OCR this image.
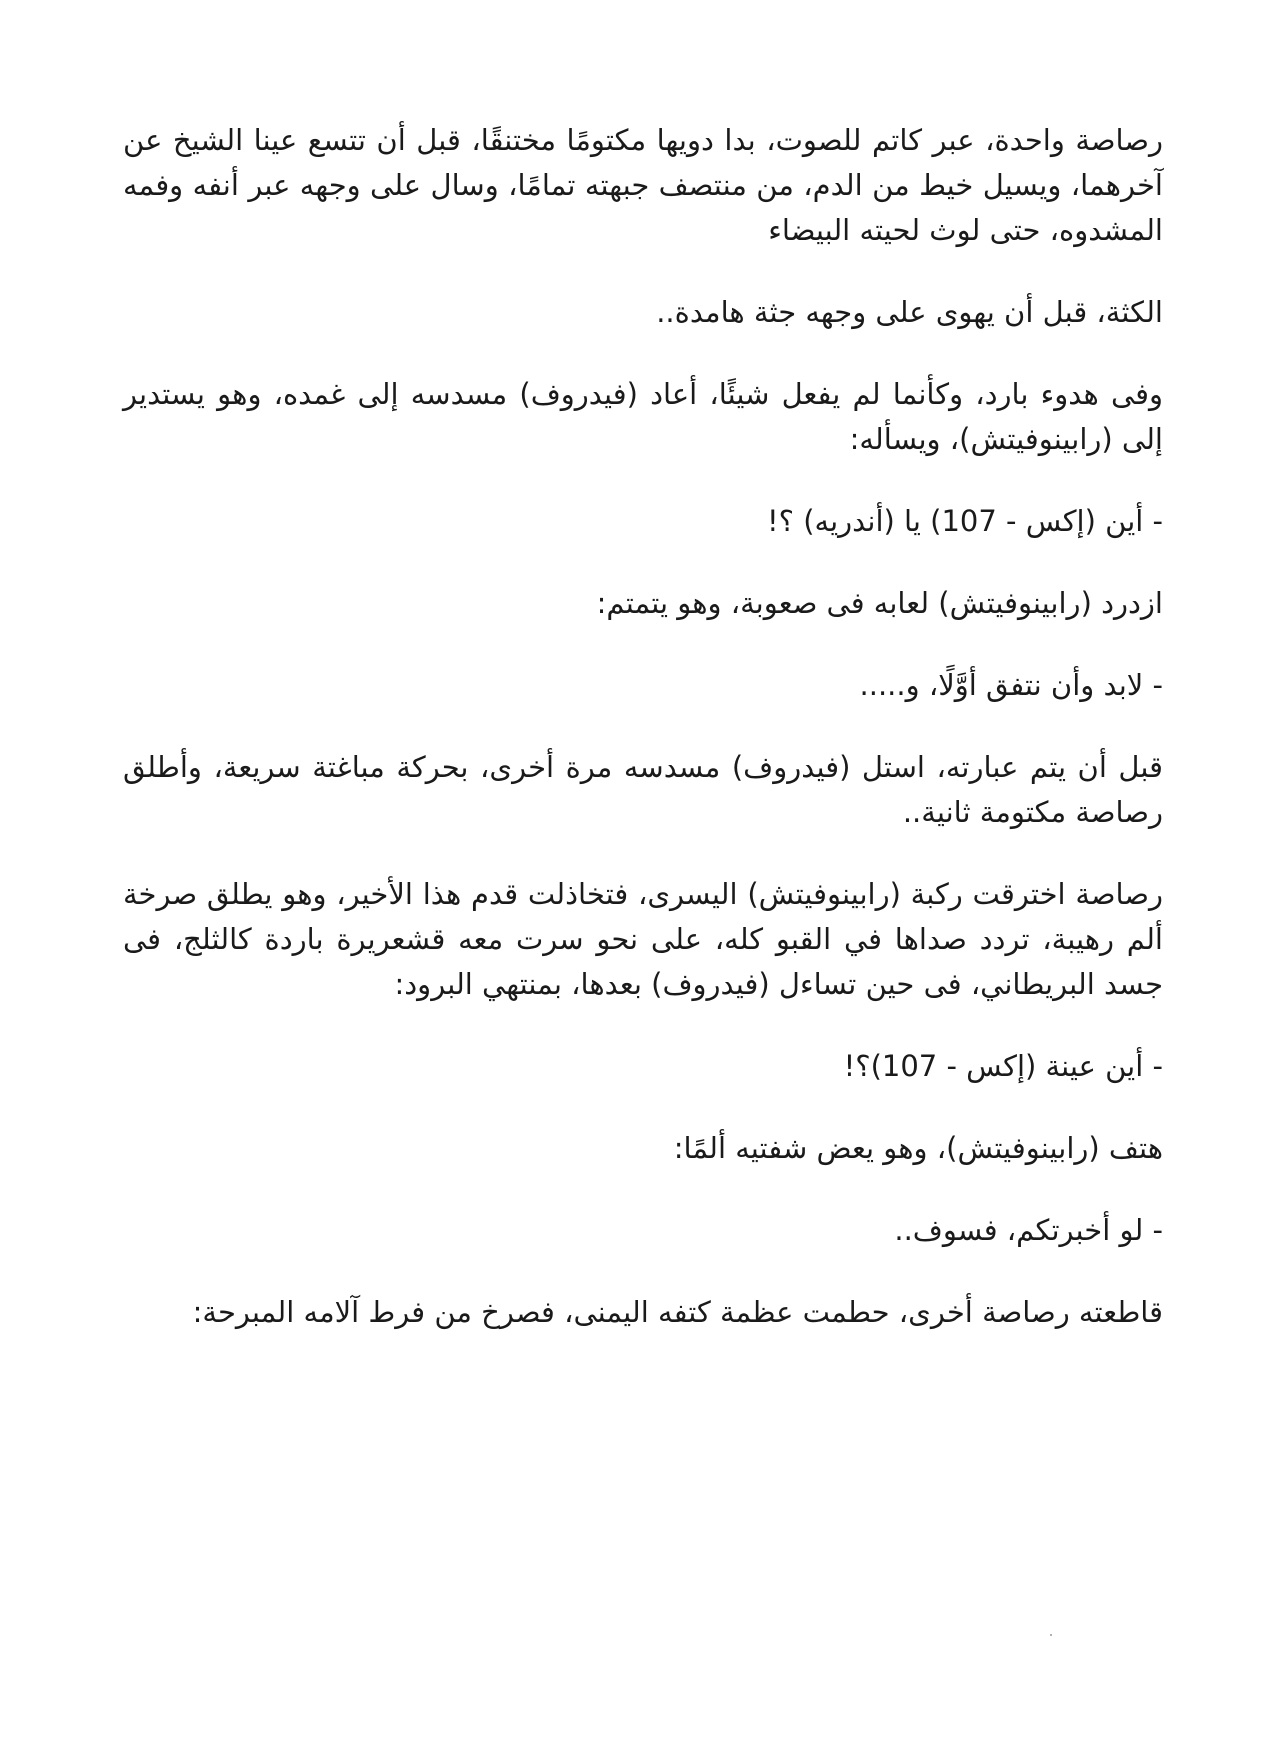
رصاصة واحدة، عبر كاتم للصوت، بدا دويها مكتومًا مختنقًا، قبل أن تتسع عينا الشيخ عن آخرهما، ويسيل خيط من الدم، من منتصف جبهته تمامًا، وسال على وجهه عبر أنفه وفمه المشدوه، حتى لوث لحيته البيضاء

الكثة، قبل أن يهوى على وجهه جثة هامدة..

وفى هدوء بارد، وكأنما لم يفعل شيئًا، أعاد (فيدروف) مسدسه إلى غمده، وهو يستدير إلى (رابينوفيتش)، ويسأله:

- أين (إكس - 107) يا (أندريه) ؟!

ازدرد (رابينوفيتش) لعابه فى صعوبة، وهو يتمتم:

- لابد وأن نتفق أوَّلًا، و.....

قبل أن يتم عبارته، استل (فيدروف) مسدسه مرة أخرى، بحركة مباغتة سريعة، وأطلق رصاصة مكتومة ثانية..

رصاصة اخترقت ركبة (رابينوفيتش) اليسرى، فتخاذلت قدم هذا الأخير، وهو يطلق صرخة ألم رهيبة، تردد صداها في القبو كله، على نحو سرت معه قشعريرة باردة كالثلج، فى جسد البريطاني، فى حين تساءل (فيدروف) بعدها، بمنتهي البرود:

- أين عينة (إكس - 107)؟!

هتف (رابينوفيتش)، وهو يعض شفتيه ألمًا:

- لو أخبرتكم، فسوف..

قاطعته رصاصة أخرى، حطمت عظمة كتفه اليمنى، فصرخ من فرط آلامه المبرحة:
